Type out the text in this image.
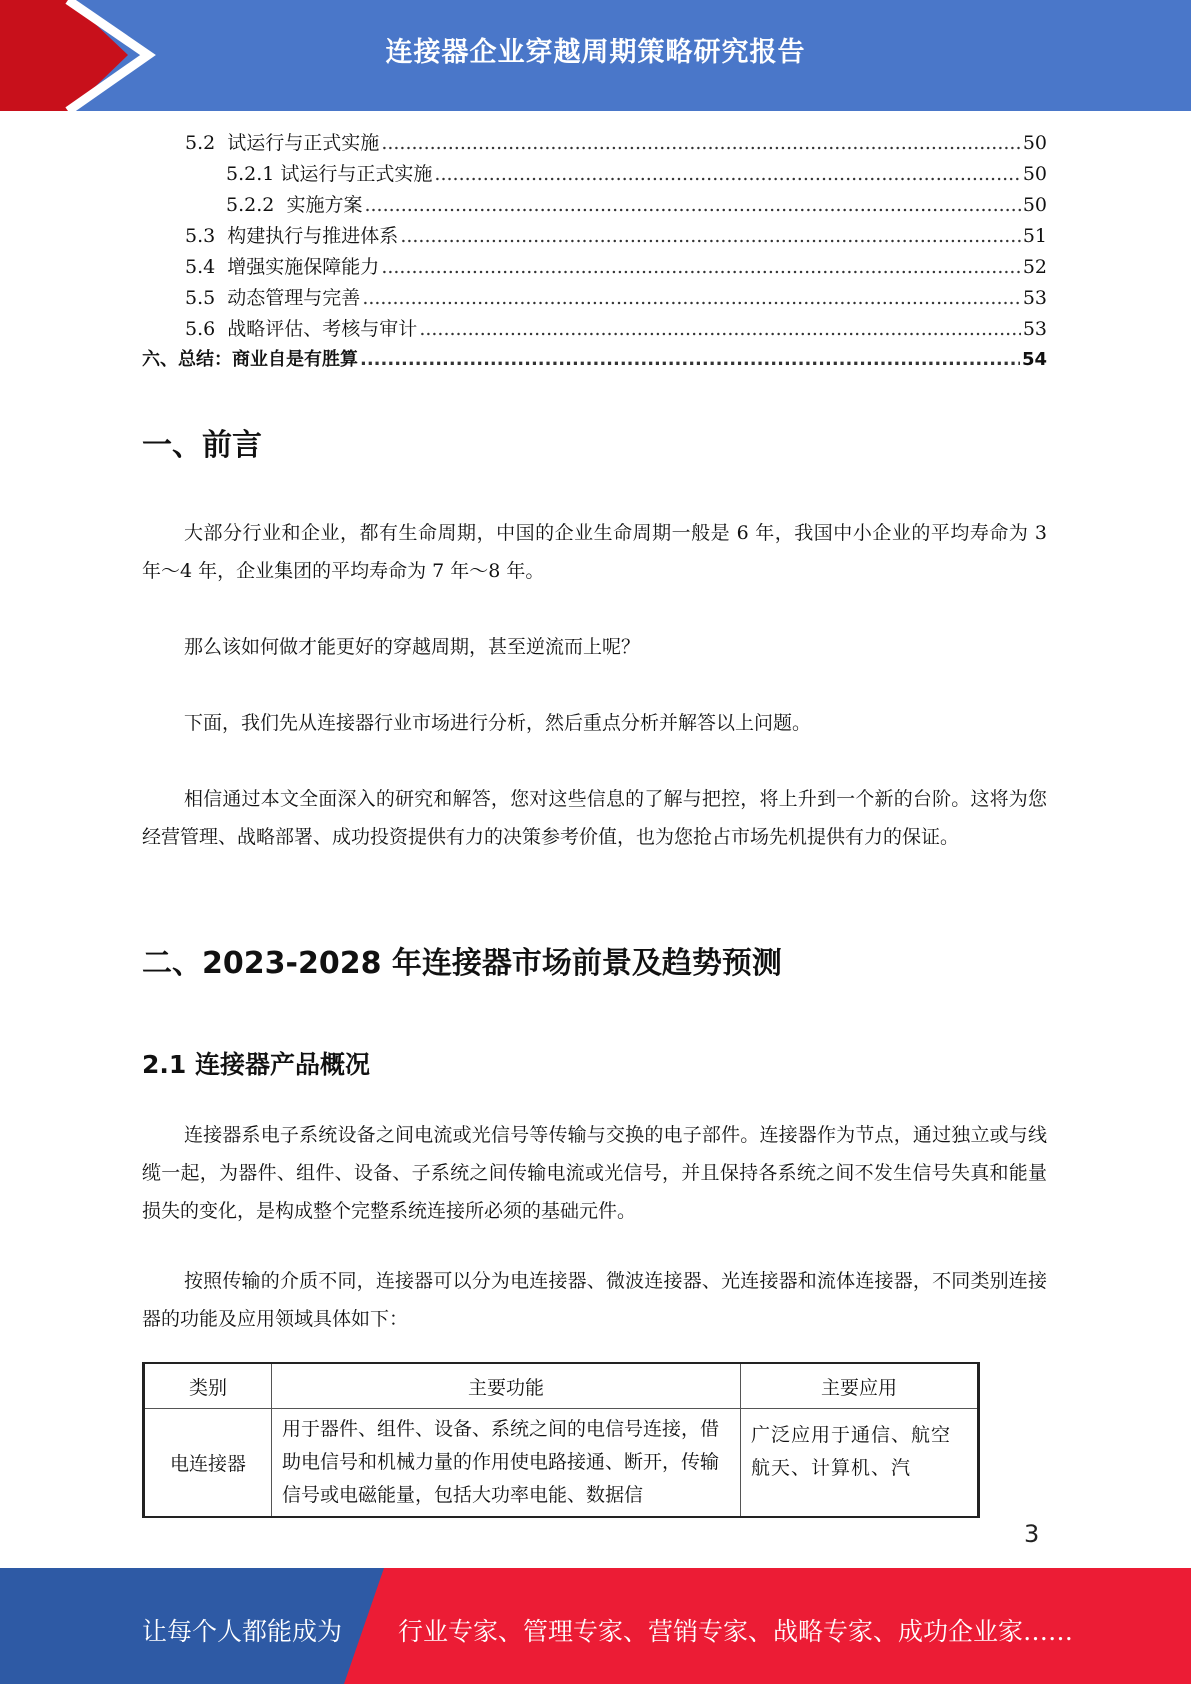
连接器企业穿越周期策略研究报告
5.2 试运行与正式实施 .....	50
5.2.1 试运行与正式实施 .....	50
5.2.2 实施方案 .....	50
5.3 构建执行与推进体系 .....	51
5.4 增强实施保障能力 .....	52
5.5 动态管理与完善 .....	53
5.6 战略评估、考核与审计 .....	53
六、总结：商业自是有胜算 .....	54
一、前言
大部分行业和企业，都有生命周期，中国的企业生命周期一般是 6 年，我国中小企业的平均寿命为 3 年～4 年，企业集团的平均寿命为 7 年～8 年。
那么该如何做才能更好的穿越周期，甚至逆流而上呢？
下面，我们先从连接器行业市场进行分析，然后重点分析并解答以上问题。
相信通过本文全面深入的研究和解答，您对这些信息的了解与把控，将上升到一个新的台阶。这将为您经营管理、战略部署、成功投资提供有力的决策参考价值，也为您抢占市场先机提供有力的保证。
二、2023-2028 年连接器市场前景及趋势预测
2.1 连接器产品概况
连接器系电子系统设备之间电流或光信号等传输与交换的电子部件。连接器作为节点，通过独立或与线缆一起，为器件、组件、设备、子系统之间传输电流或光信号，并且保持各系统之间不发生信号失真和能量损失的变化，是构成整个完整系统连接所必须的基础元件。
按照传输的介质不同，连接器可以分为电连接器、微波连接器、光连接器和流体连接器，不同类别连接器的功能及应用领域具体如下：
类别	主要功能	主要应用
电连接器	用于器件、组件、设备、系统之间的电信号连接，借助电信号和机械力量的作用使电路接通、断开，传输信号或电磁能量，包括大功率电能、数据信	广泛应用于通信、航空 航天、计算机、汽
3
让每个人都能成为 行业专家、管理专家、营销专家、战略专家、成功企业家……
